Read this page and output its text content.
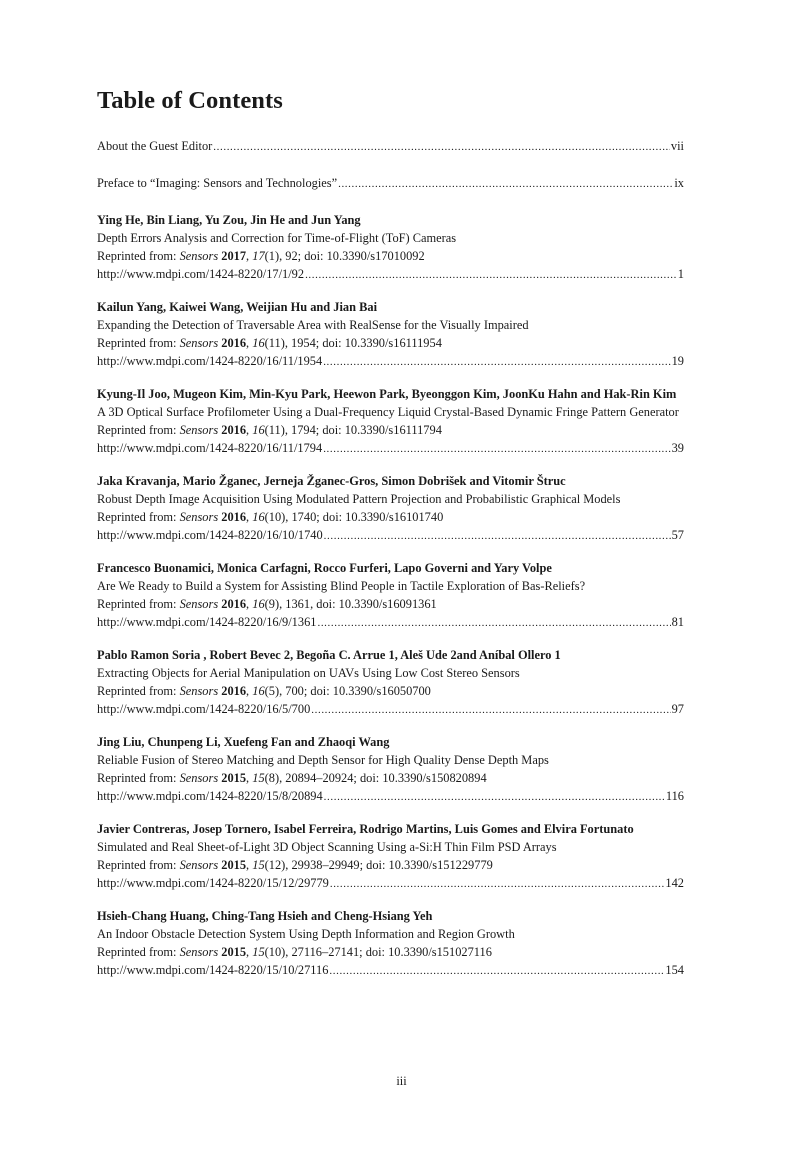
Table of Contents
About the Guest Editor .....	vii
Preface to “Imaging: Sensors and Technologies” .....	ix
Ying He, Bin Liang, Yu Zou, Jin He and Jun Yang
Depth Errors Analysis and Correction for Time-of-Flight (ToF) Cameras
Reprinted from: Sensors 2017, 17(1), 92; doi: 10.3390/s17010092
http://www.mdpi.com/1424-8220/17/1/92 .....	1
Kailun Yang, Kaiwei Wang, Weijian Hu and Jian Bai
Expanding the Detection of Traversable Area with RealSense for the Visually Impaired
Reprinted from: Sensors 2016, 16(11), 1954; doi: 10.3390/s16111954
http://www.mdpi.com/1424-8220/16/11/1954 .....	19
Kyung-Il Joo, Mugeon Kim, Min-Kyu Park, Heewon Park, Byeonggon Kim, JoonKu Hahn and Hak-Rin Kim
A 3D Optical Surface Profilometer Using a Dual-Frequency Liquid Crystal-Based Dynamic Fringe Pattern Generator
Reprinted from: Sensors 2016, 16(11), 1794; doi: 10.3390/s16111794
http://www.mdpi.com/1424-8220/16/11/1794 .....	39
Jaka Kravanja, Mario Žganec, Jerneja Žganec-Gros, Simon Dobrišek and Vitomir Štruc
Robust Depth Image Acquisition Using Modulated Pattern Projection and Probabilistic Graphical Models
Reprinted from: Sensors 2016, 16(10), 1740; doi: 10.3390/s16101740
http://www.mdpi.com/1424-8220/16/10/1740 .....	57
Francesco Buonamici, Monica Carfagni, Rocco Furferi, Lapo Governi and Yary Volpe
Are We Ready to Build a System for Assisting Blind People in Tactile Exploration of Bas-Reliefs?
Reprinted from: Sensors 2016, 16(9), 1361, doi: 10.3390/s16091361
http://www.mdpi.com/1424-8220/16/9/1361 .....	81
Pablo Ramon Soria , Robert Bevec 2, Begoña C. Arrue 1, Aleš Ude 2and Aníbal Ollero 1
Extracting Objects for Aerial Manipulation on UAVs Using Low Cost Stereo Sensors
Reprinted from: Sensors 2016, 16(5), 700; doi: 10.3390/s16050700
http://www.mdpi.com/1424-8220/16/5/700 .....	97
Jing Liu, Chunpeng Li, Xuefeng Fan and Zhaoqi Wang
Reliable Fusion of Stereo Matching and Depth Sensor for High Quality Dense Depth Maps
Reprinted from: Sensors 2015, 15(8), 20894–20924; doi: 10.3390/s150820894
http://www.mdpi.com/1424-8220/15/8/20894 .....	116
Javier Contreras, Josep Tornero, Isabel Ferreira, Rodrigo Martins, Luis Gomes and Elvira Fortunato
Simulated and Real Sheet-of-Light 3D Object Scanning Using a-Si:H Thin Film PSD Arrays
Reprinted from: Sensors 2015, 15(12), 29938–29949; doi: 10.3390/s151229779
http://www.mdpi.com/1424-8220/15/12/29779 .....	142
Hsieh-Chang Huang, Ching-Tang Hsieh and Cheng-Hsiang Yeh
An Indoor Obstacle Detection System Using Depth Information and Region Growth
Reprinted from: Sensors 2015, 15(10), 27116–27141; doi: 10.3390/s151027116
http://www.mdpi.com/1424-8220/15/10/27116 .....	154
iii
